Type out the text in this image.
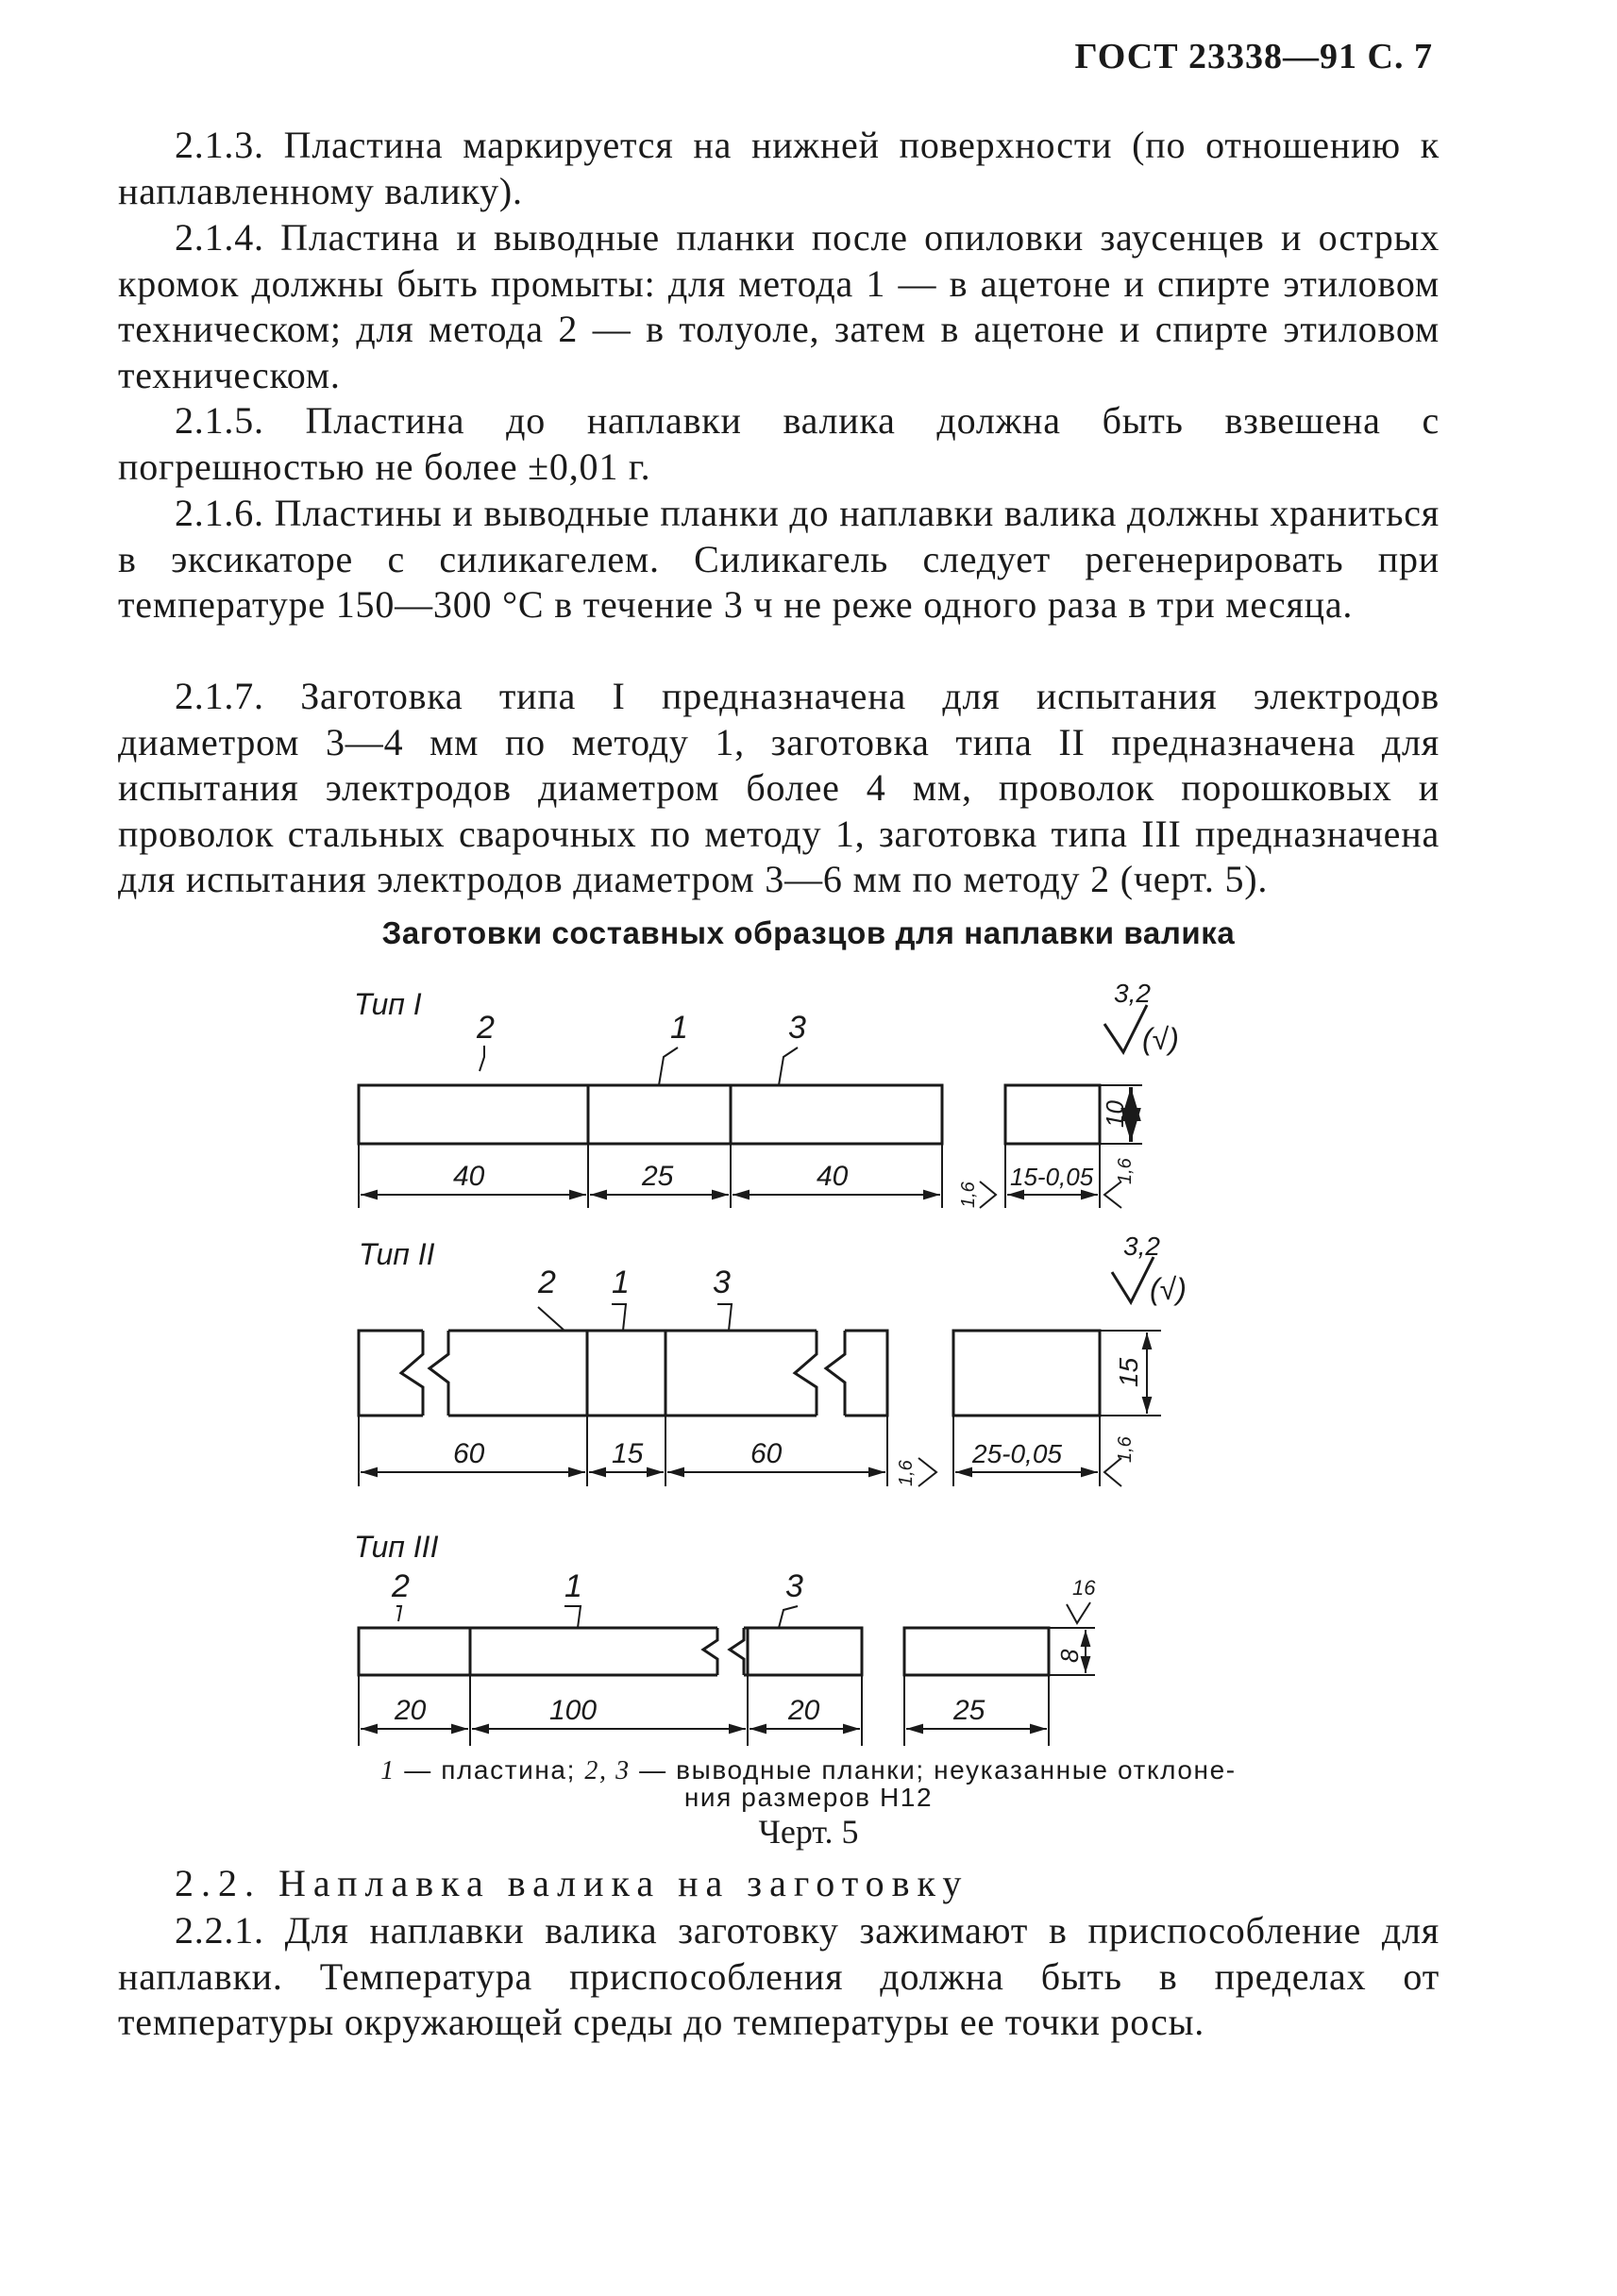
ГОСТ 23338—91 С. 7
2.1.3. Пластина маркируется на нижней поверхности (по отношению к наплавленному валику).
2.1.4. Пластина и выводные планки после опиловки заусенцев и острых кромок должны быть промыты: для метода 1 — в ацетоне и спирте этиловом техническом; для метода 2 — в толуоле, затем в ацетоне и спирте этиловом техническом.
2.1.5. Пластина до наплавки валика должна быть взвешена с погрешностью не более ±0,01 г.
2.1.6. Пластины и выводные планки до наплавки валика должны храниться в эксикаторе с силикагелем. Силикагель следует регенерировать при температуре 150—300 °С в течение 3 ч не реже одного раза в три месяца.
2.1.7. Заготовка типа I предназначена для испытания электродов диаметром 3—4 мм по методу 1, заготовка типа II предназначена для испытания электродов диаметром более 4 мм, проволок порошковых и проволок стальных сварочных по методу 1, заготовка типа III предназначена для испытания электродов диаметром 3—6 мм по методу 2 (черт. 5).
Заготовки составных образцов для наплавки валика
Тип I
40	25	40
2	1	3
15-0,05
10
1,6
1,6
3,2
(√)
Тип II
60	15	60
2 1	3
25-0,05
15
1,6
1,6
3,2
(√)
Тип III
20	100	20
2	1	3
25
8
16
1 — пластина; 2, 3 — выводные планки; неуказанные отклоне-
ния размеров H12
Черт. 5
2.2. Наплавка валика на заготовку
2.2.1. Для наплавки валика заготовку зажимают в приспособление для наплавки. Температура приспособления должна быть в пределах от температуры окружающей среды до температуры ее точки росы.
